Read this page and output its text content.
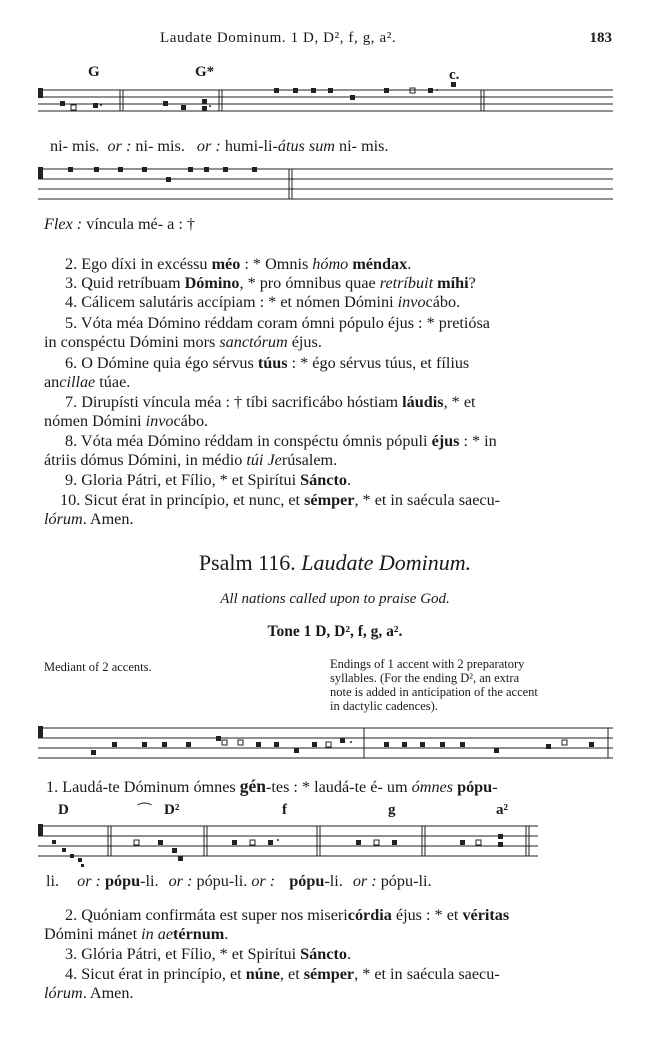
Laudate Dominum. 1 D, D², f, g, a².	183
G	G*	c.
ni- mis. or : ni- mis. or : humi-li-átus sum ni- mis.
Flex : víncula mé- a : †
2. Ego díxi in excéssu méo : * Omnis hómo méndax.
3. Quid retríbuam Dómino, * pro ómnibus quae retríbuit míhi?
4. Cálicem salutáris accípiam : * et nómen Dómini invocábo.
5. Vóta méa Dómino réddam coram ómni pópulo éjus : * pretiósa
in conspéctu Dómini mors sanctórum éjus.
6. O Dómine quia égo sérvus túus : * égo sérvus túus, et fílius
ancillae túae.
7. Dirupísti víncula méa : † tíbi sacrificábo hóstiam láudis, * et
nómen Dómini invocábo.
8. Vóta méa Dómino réddam in conspéctu ómnis pópuli éjus : * in
átriis dómus Dómini, in médio túi Jerúsalem.
9. Gloria Pátri, et Fílio, * et Spirítui Sáncto.
10. Sicut érat in princípio, et nunc, et sémper, * et in saécula saecu-
lórum. Amen.
Psalm 116. Laudate Dominum.
All nations called upon to praise God.
Tone 1 D, D², f, g, a².
Mediant of 2 accents.	Endings of 1 accent with 2 preparatory
syllables. (For the ending D², an extra
note is added in anticipation of the accent
in dactylic cadences).
1. Laudá-te Dóminum ómnes gén-tes : * laudá-te é- um ómnes pópu-
D	⁀ D²	f	g	a²
li. or : pópu-li. or : pópu-li. or : pópu-li. or : pópu-li.
2. Quóniam confirmáta est super nos misericórdia éjus : * et véritas
Dómini mánet in aetérnum.
3. Glória Pátri, et Fílio, * et Spirítui Sáncto.
4. Sicut érat in princípio, et núne, et sémper, * et in saécula saecu-
lórum. Amen.
